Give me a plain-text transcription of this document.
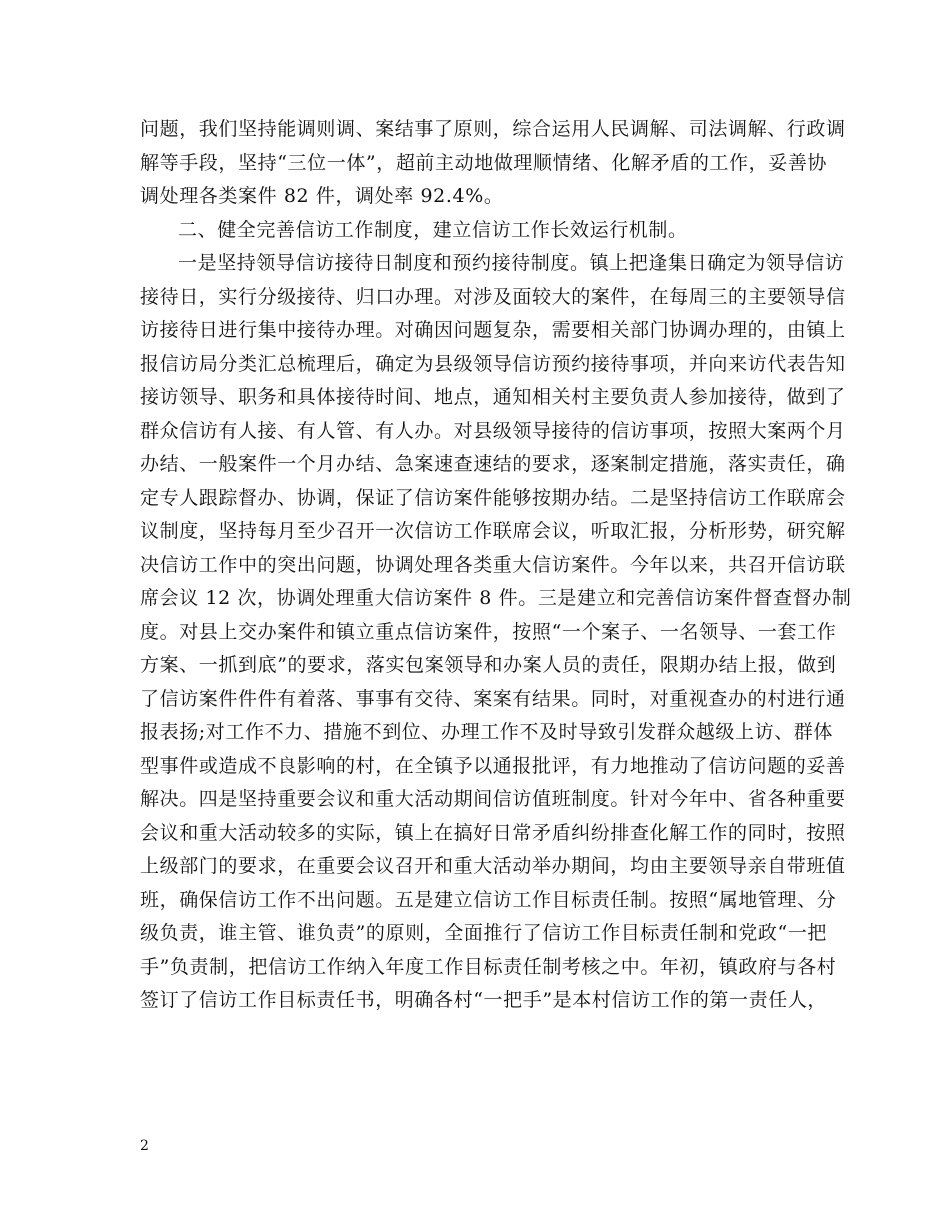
问题，我们坚持能调则调、案结事了原则，综合运用人民调解、司法调解、行政调
解等手段，坚持“三位一体”，超前主动地做理顺情绪、化解矛盾的工作，妥善协
调处理各类案件 82 件，调处率 92.4%。
二、健全完善信访工作制度，建立信访工作长效运行机制。
一是坚持领导信访接待日制度和预约接待制度。镇上把逢集日确定为领导信访
接待日，实行分级接待、归口办理。对涉及面较大的案件，在每周三的主要领导信
访接待日进行集中接待办理。对确因问题复杂，需要相关部门协调办理的，由镇上
报信访局分类汇总梳理后，确定为县级领导信访预约接待事项，并向来访代表告知
接访领导、职务和具体接待时间、地点，通知相关村主要负责人参加接待，做到了
群众信访有人接、有人管、有人办。对县级领导接待的信访事项，按照大案两个月
办结、一般案件一个月办结、急案速查速结的要求，逐案制定措施，落实责任，确
定专人跟踪督办、协调，保证了信访案件能够按期办结。二是坚持信访工作联席会
议制度，坚持每月至少召开一次信访工作联席会议，听取汇报，分析形势，研究解
决信访工作中的突出问题，协调处理各类重大信访案件。今年以来，共召开信访联
席会议 12 次，协调处理重大信访案件 8 件。三是建立和完善信访案件督查督办制
度。对县上交办案件和镇立重点信访案件，按照“一个案子、一名领导、一套工作
方案、一抓到底”的要求，落实包案领导和办案人员的责任，限期办结上报，做到
了信访案件件件有着落、事事有交待、案案有结果。同时，对重视查办的村进行通
报表扬;对工作不力、措施不到位、办理工作不及时导致引发群众越级上访、群体
型事件或造成不良影响的村，在全镇予以通报批评，有力地推动了信访问题的妥善
解决。四是坚持重要会议和重大活动期间信访值班制度。针对今年中、省各种重要
会议和重大活动较多的实际，镇上在搞好日常矛盾纠纷排查化解工作的同时，按照
上级部门的要求，在重要会议召开和重大活动举办期间，均由主要领导亲自带班值
班，确保信访工作不出问题。五是建立信访工作目标责任制。按照“属地管理、分
级负责，谁主管、谁负责”的原则，全面推行了信访工作目标责任制和党政“一把
手”负责制，把信访工作纳入年度工作目标责任制考核之中。年初，镇政府与各村
签订了信访工作目标责任书，明确各村“一把手”是本村信访工作的第一责任人，
2
